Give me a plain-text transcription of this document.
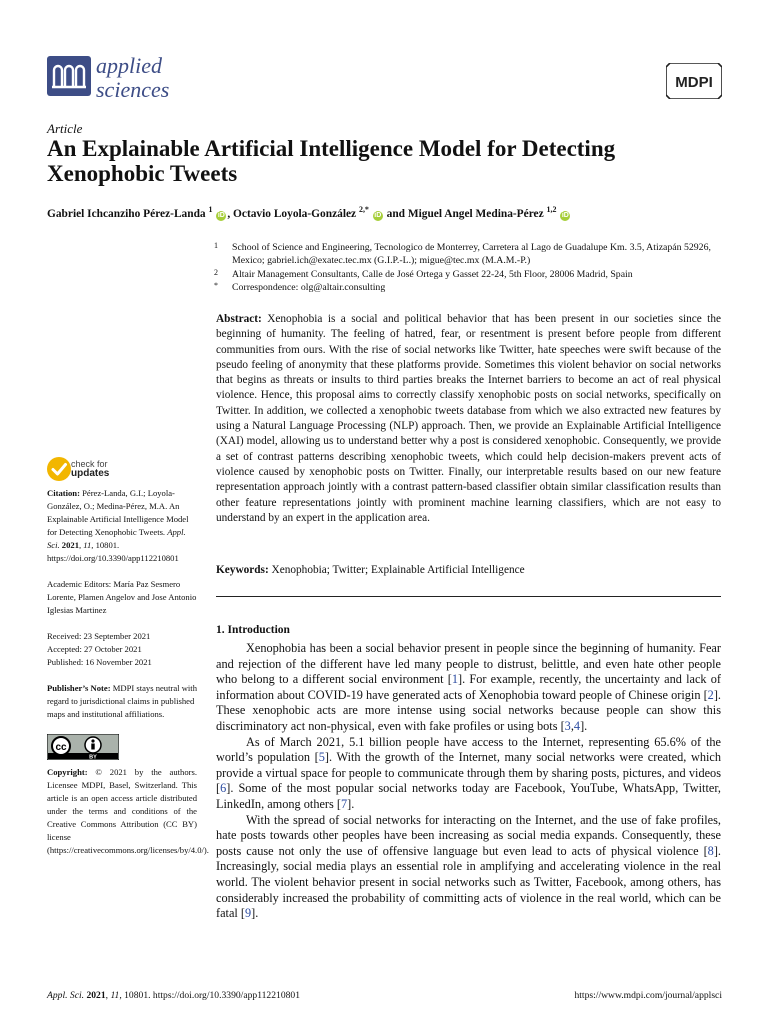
applied
sciences	MDPI
Article
An Explainable Artificial Intelligence Model for Detecting Xenophobic Tweets
Gabriel Ichcanziho Pérez-Landa $^1$ iD , Octavio Loyola-González $^{2,*}$ iD and Miguel Angel Medina-Pérez $^{1,2}$ iD
1 School of Science and Engineering, Tecnologico de Monterrey, Carretera al Lago de Guadalupe Km. 3.5, Atizapán 52926, Mexico; gabriel.ich@exatec.tec.mx (G.I.P.-L.); migue@tec.mx (M.A.M.-P.)
2 Altair Management Consultants, Calle de José Ortega y Gasset 22-24, 5th Floor, 28006 Madrid, Spain
* Correspondence: olg@altair.consulting
Abstract: Xenophobia is a social and political behavior that has been present in our societies since the beginning of humanity. The feeling of hatred, fear, or resentment is present before people from different communities from ours. With the rise of social networks like Twitter, hate speeches were swift because of the pseudo feeling of anonymity that these platforms provide. Sometimes this violent behavior on social networks that begins as threats or insults to third parties breaks the Internet barriers to become an act of real physical violence. Hence, this proposal aims to correctly classify xenophobic posts on social networks, specifically on Twitter. In addition, we collected a xenophobic tweets database from which we also extracted new features by using a Natural Language Processing (NLP) approach. Then, we provide an Explainable Artificial Intelligence (XAI) model, allowing us to understand better why a post is considered xenophobic. Consequently, we provide a set of contrast patterns describing xenophobic tweets, which could help decision-makers prevent acts of violence caused by xenophobic posts on Twitter. Finally, our interpretable results based on our new feature representation approach jointly with a contrast pattern-based classifier obtain similar classification results than other feature representations jointly with prominent machine learning classifiers, which are not easy to understand by an expert in the application area.
Keywords: Xenophobia; Twitter; Explainable Artificial Intelligence
1. Introduction

Xenophobia has been a social behavior present in people since the beginning of humanity. Fear and rejection of the different have led many people to distrust, belittle, and even hate other people who belong to a different social environment [1]. For example, recently, the uncertainty and lack of information about COVID-19 have generated acts of Xenophobia toward people of Chinese origin [2]. These xenophobic acts are more intense using social networks because people can show this discriminatory act non-physical, even with fake profiles or using bots [3,4].

As of March 2021, 5.1 billion people have access to the Internet, representing 65.6% of the world’s population [5]. With the growth of the Internet, many social networks were created, which provide a virtual space for people to communicate through them by sharing posts, pictures, and videos [6]. Some of the most popular social networks today are Facebook, YouTube, WhatsApp, Twitter, LinkedIn, among others [7].

With the spread of social networks for interacting on the Internet, and the use of fake profiles, hate posts towards other peoples have been increasing as social media expands. Consequently, these posts cause not only the use of offensive language but even lead to acts of physical violence [8]. Increasingly, social media plays an essential role in amplifying and accelerating violence in the real world. The violent behavior present in social networks such as Twitter, Facebook, among others, has considerably increased the probability of committing acts of violence in the real world, which can be fatal [9].

check for
updates
Citation: Pérez-Landa, G.I.; Loyola-González, O.; Medina-Pérez, M.A. An Explainable Artificial Intelligence Model for Detecting Xenophobic Tweets. Appl. Sci. 2021, 11, 10801. https://doi.org/10.3390/app112210801
Academic Editors: María Paz Sesmero Lorente, Plamen Angelov and Jose Antonio Iglesias Martinez

Received: 23 September 2021

Accepted: 27 October 2021

Published: 16 November 2021

Publisher’s Note: MDPI stays neutral with regard to jurisdictional claims in published maps and institutional affiliations.
cc
BY
Copyright: © 2021 by the authors. Licensee MDPI, Basel, Switzerland. This article is an open access article distributed under the terms and conditions of the Creative Commons Attribution (CC BY) license (https://creativecommons.org/licenses/by/4.0/).
Appl. Sci. 2021, 11, 10801. https://doi.org/10.3390/app112210801	https://www.mdpi.com/journal/applsci
